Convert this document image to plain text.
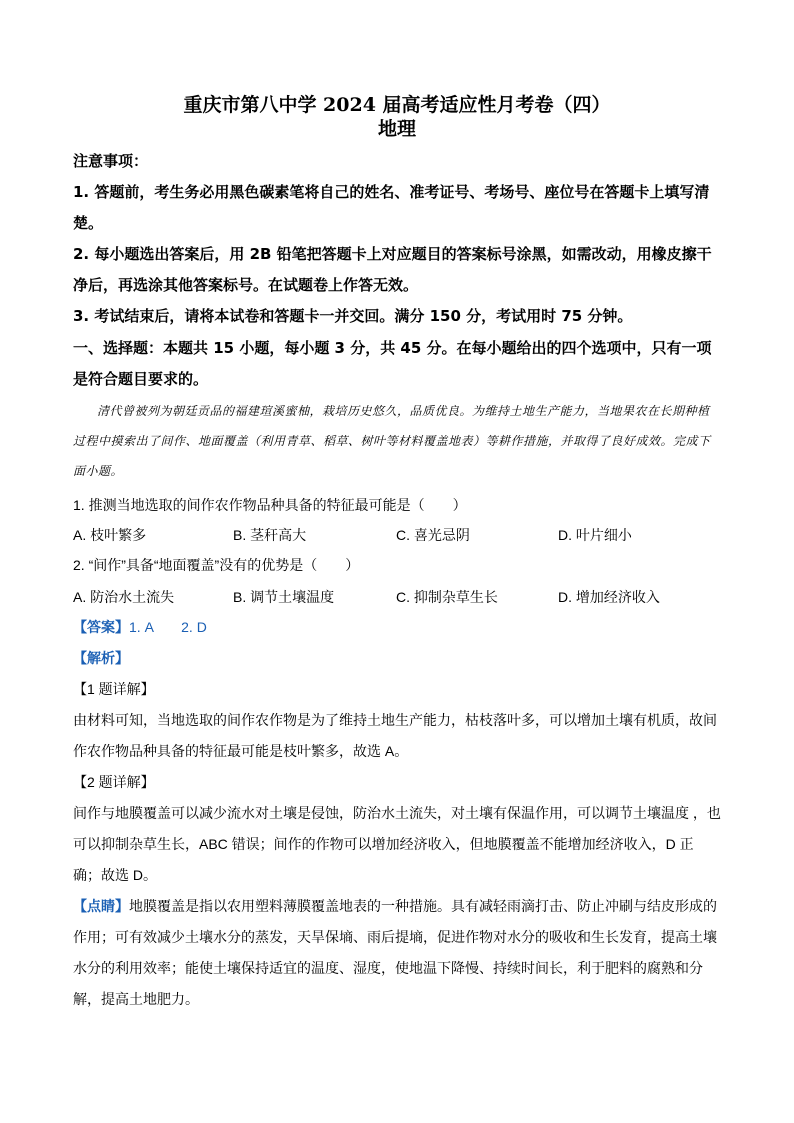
重庆市第八中学 2024 届高考适应性月考卷（四）
地理
注意事项：
1. 答题前，考生务必用黑色碳素笔将自己的姓名、准考证号、考场号、座位号在答题卡上填写清楚。
2. 每小题选出答案后，用 2B 铅笔把答题卡上对应题目的答案标号涂黑，如需改动，用橡皮擦干净后，再选涂其他答案标号。在试题卷上作答无效。
3. 考试结束后，请将本试卷和答题卡一并交回。满分 150 分，考试用时 75 分钟。
一、选择题：本题共 15 小题，每小题 3 分，共 45 分。在每小题给出的四个选项中，只有一项是符合题目要求的。
清代曾被列为朝廷贡品的福建瑄溪蜜柚，栽培历史悠久，品质优良。为维持土地生产能力，当地果农在长期种植过程中摸索出了间作、地面覆盖（利用青草、稻草、树叶等材料覆盖地表）等耕作措施，并取得了良好成效。完成下面小题。
1. 推测当地选取的间作农作物品种具备的特征最可能是（　　）
A. 枝叶繁多	B. 茎秆高大	C. 喜光忌阴	D. 叶片细小
2. “间作”具备“地面覆盖”没有的优势是（　　）
A. 防治水土流失	B. 调节土壤温度	C. 抑制杂草生长	D. 增加经济收入
【答案】1. A　　2. D
【解析】
【1 题详解】
由材料可知，当地选取的间作农作物是为了维持土地生产能力，枯枝落叶多，可以增加土壤有机质，故间作农作物品种具备的特征最可能是枝叶繁多，故选 A。
【2 题详解】
间作与地膜覆盖可以减少流水对土壤是侵蚀，防治水土流失，对土壤有保温作用，可以调节土壤温度 ，也可以抑制杂草生长，ABC 错误；间作的作物可以增加经济收入，但地膜覆盖不能增加经济收入，D 正确；故选 D。
【点睛】地膜覆盖是指以农用塑料薄膜覆盖地表的一种措施。具有减轻雨滴打击、防止冲刷与结皮形成的作用；可有效减少土壤水分的蒸发，天旱保墒、雨后提墒，促进作物对水分的吸收和生长发育，提高土壤水分的利用效率；能使土壤保持适宜的温度、湿度，使地温下降慢、持续时间长，利于肥料的腐熟和分解，提高土地肥力。
